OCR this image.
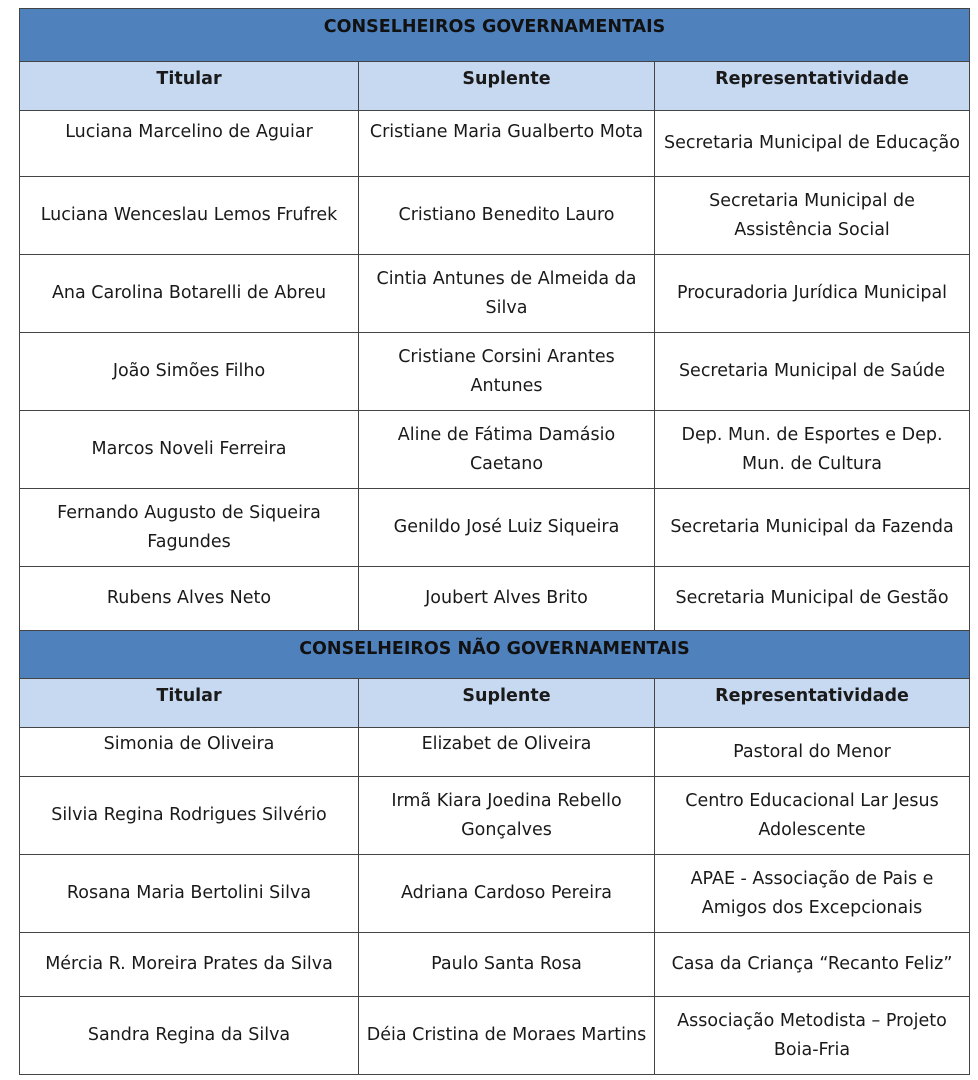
CONSELHEIROS GOVERNAMENTAIS		
Titular	Suplente	Representatividade
Luciana Marcelino de Aguiar	Cristiane Maria Gualberto Mota	Secretaria Municipal de Educação
Luciana Wenceslau Lemos Frufrek	Cristiano Benedito Lauro	Secretaria Municipal de Assistência Social
Ana Carolina Botarelli de Abreu	Cintia Antunes de Almeida da Silva	Procuradoria Jurídica Municipal
João Simões Filho	Cristiane Corsini Arantes Antunes	Secretaria Municipal de Saúde
Marcos Noveli Ferreira	Aline de Fátima Damásio Caetano	Dep. Mun. de Esportes e Dep. Mun. de Cultura
Fernando Augusto de Siqueira Fagundes	Genildo José Luiz Siqueira	Secretaria Municipal da Fazenda
Rubens Alves Neto	Joubert Alves Brito	Secretaria Municipal de Gestão
CONSELHEIROS NÃO GOVERNAMENTAIS		
Titular	Suplente	Representatividade
Simonia de Oliveira	Elizabet de Oliveira	Pastoral do Menor
Silvia Regina Rodrigues Silvério	Irmã Kiara Joedina Rebello Gonçalves	Centro Educacional Lar Jesus Adolescente
Rosana Maria Bertolini Silva	Adriana Cardoso Pereira	APAE - Associação de Pais e Amigos dos Excepcionais
Mércia R. Moreira Prates da Silva	Paulo Santa Rosa	Casa da Criança “Recanto Feliz”
Sandra Regina da Silva	Déia Cristina de Moraes Martins	Associação Metodista – Projeto Boia-Fria
